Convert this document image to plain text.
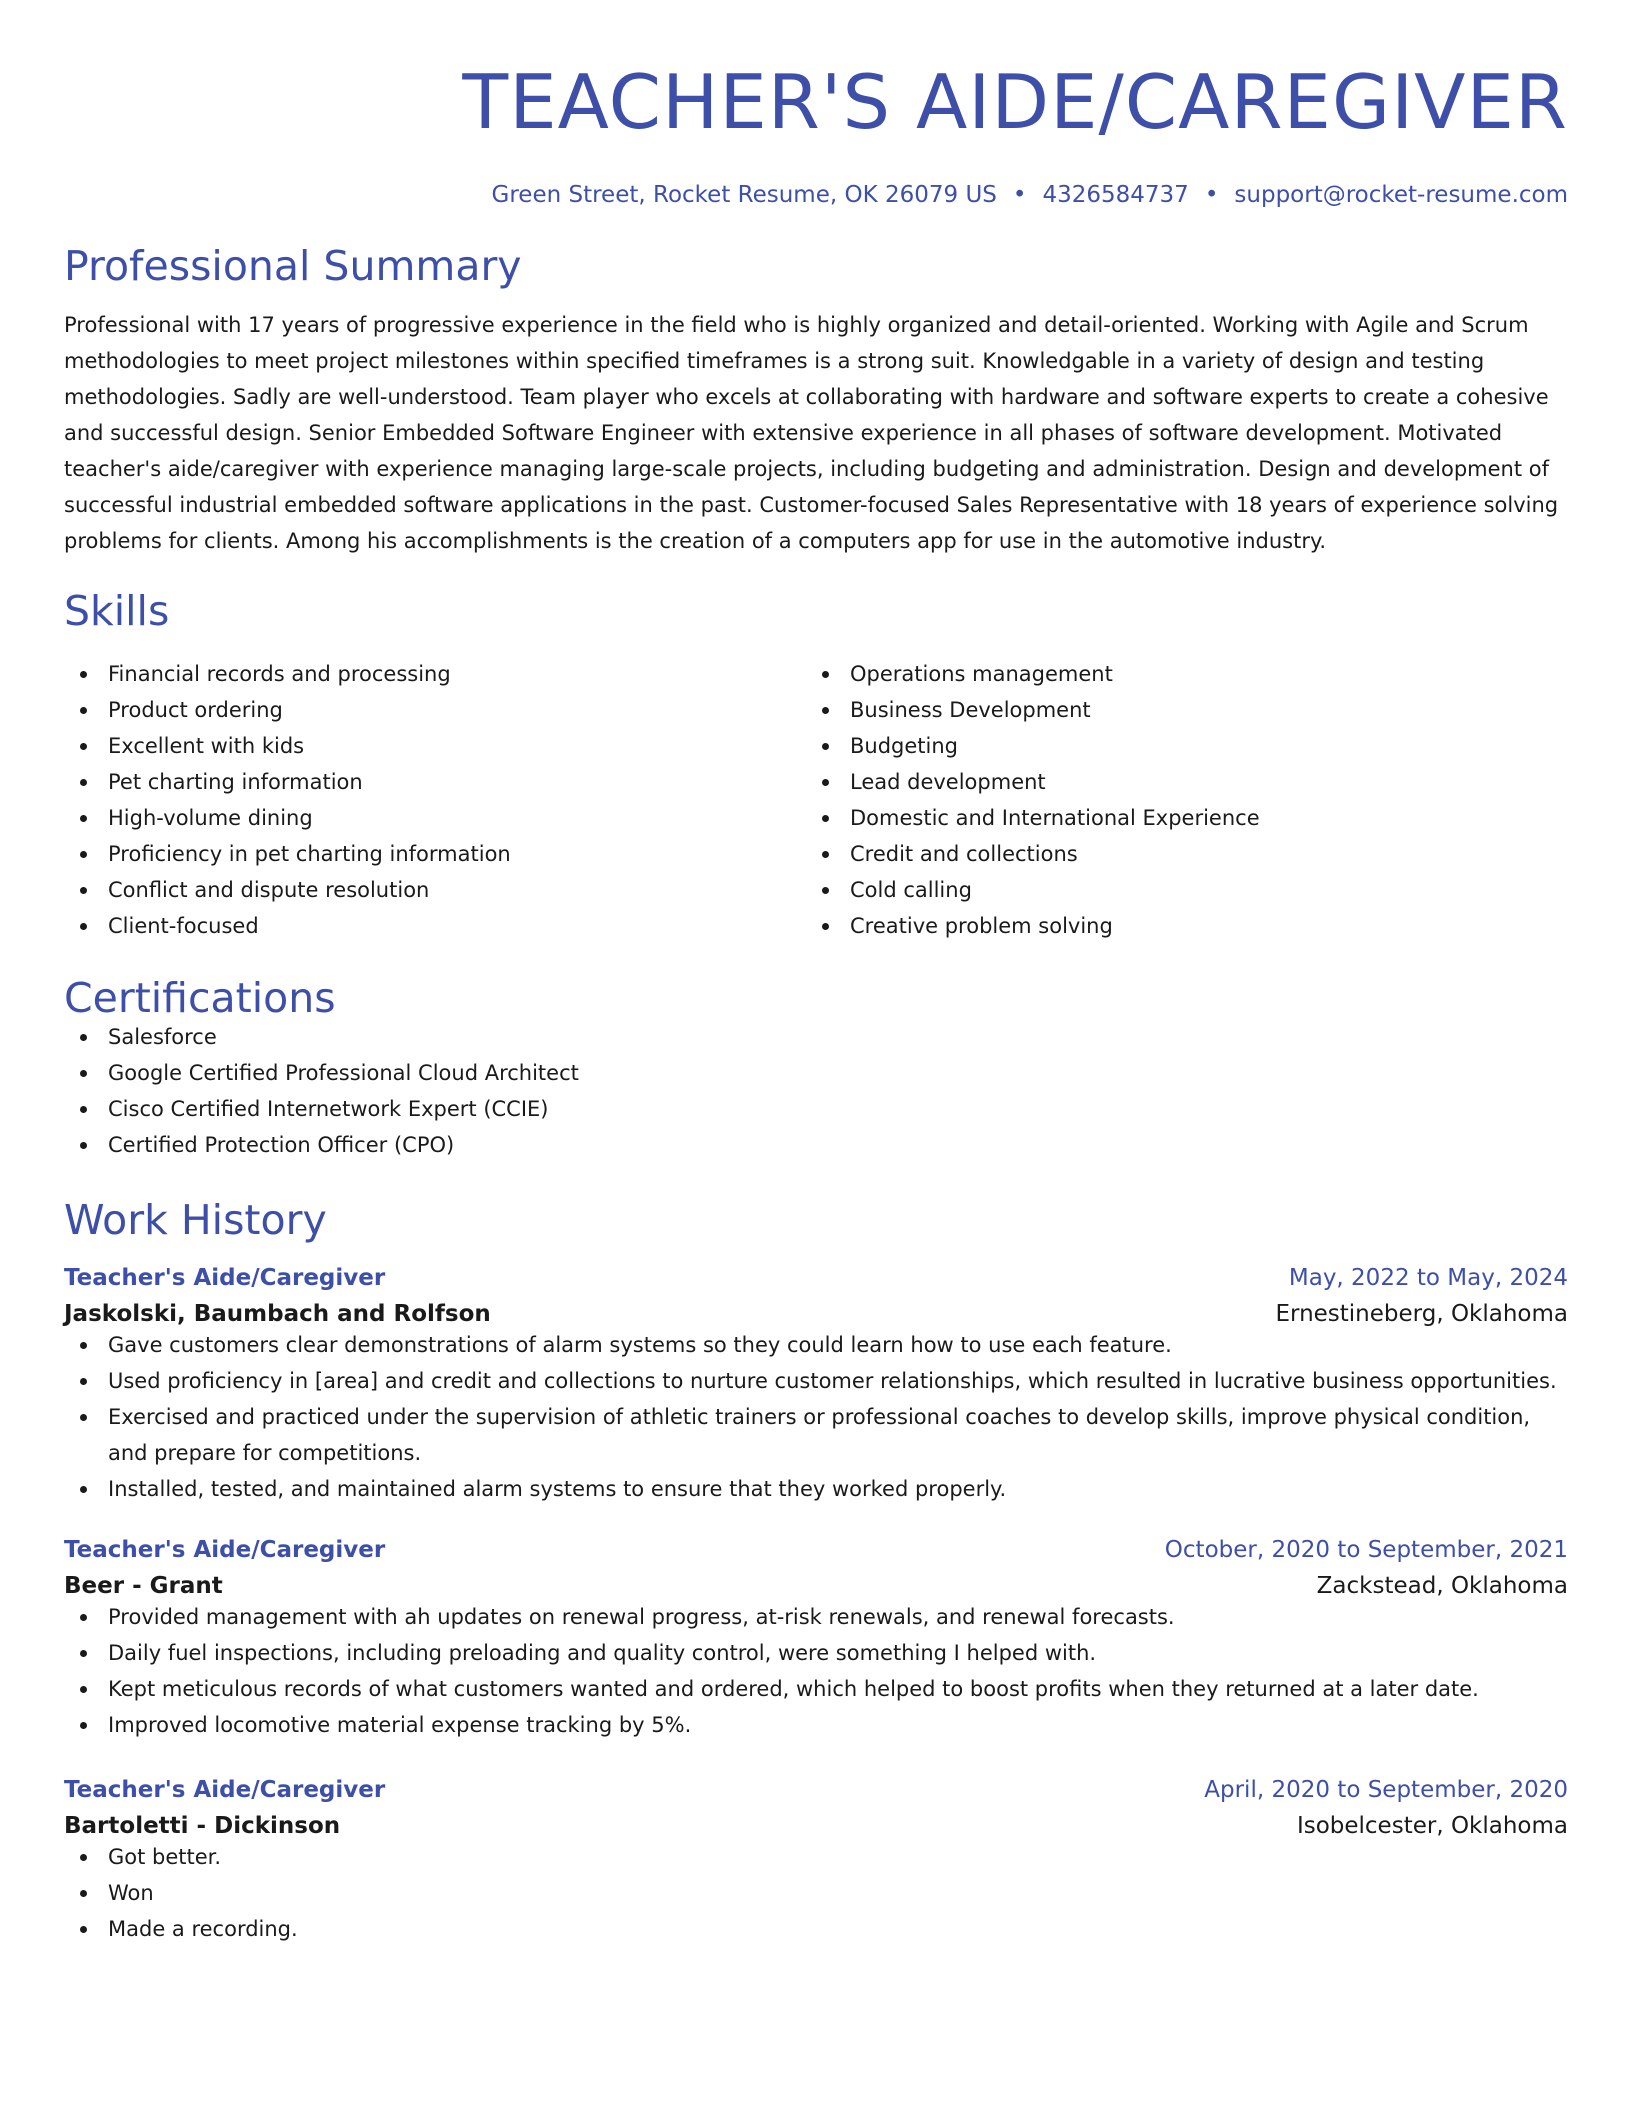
TEACHER'S AIDE/CAREGIVER
Green Street, Rocket Resume, OK 26079 US • 4326584737 • support@rocket-resume.com
Professional Summary
Professional with 17 years of progressive experience in the field who is highly organized and detail-oriented. Working with Agile and Scrum methodologies to meet project milestones within specified timeframes is a strong suit. Knowledgable in a variety of design and testing methodologies. Sadly are well-understood. Team player who excels at collaborating with hardware and software experts to create a cohesive and successful design. Senior Embedded Software Engineer with extensive experience in all phases of software development. Motivated teacher's aide/caregiver with experience managing large-scale projects, including budgeting and administration. Design and development of successful industrial embedded software applications in the past. Customer-focused Sales Representative with 18 years of experience solving problems for clients. Among his accomplishments is the creation of a computers app for use in the automotive industry.
Skills
Financial records and processing
Product ordering
Excellent with kids
Pet charting information
High-volume dining
Proficiency in pet charting information
Conflict and dispute resolution
Client-focused
Operations management
Business Development
Budgeting
Lead development
Domestic and International Experience
Credit and collections
Cold calling
Creative problem solving
Certifications
Salesforce
Google Certified Professional Cloud Architect
Cisco Certified Internetwork Expert (CCIE)
Certified Protection Officer (CPO)
Work History
Teacher's Aide/Caregiver	May, 2022 to May, 2024
Jaskolski, Baumbach and Rolfson	Ernestineberg, Oklahoma
Gave customers clear demonstrations of alarm systems so they could learn how to use each feature.
Used proficiency in [area] and credit and collections to nurture customer relationships, which resulted in lucrative business opportunities.
Exercised and practiced under the supervision of athletic trainers or professional coaches to develop skills, improve physical condition, and prepare for competitions.
Installed, tested, and maintained alarm systems to ensure that they worked properly.
Teacher's Aide/Caregiver	October, 2020 to September, 2021
Beer - Grant	Zackstead, Oklahoma
Provided management with ah updates on renewal progress, at-risk renewals, and renewal forecasts.
Daily fuel inspections, including preloading and quality control, were something I helped with.
Kept meticulous records of what customers wanted and ordered, which helped to boost profits when they returned at a later date.
Improved locomotive material expense tracking by 5%.
Teacher's Aide/Caregiver	April, 2020 to September, 2020
Bartoletti - Dickinson	Isobelcester, Oklahoma
Got better.
Won
Made a recording.
